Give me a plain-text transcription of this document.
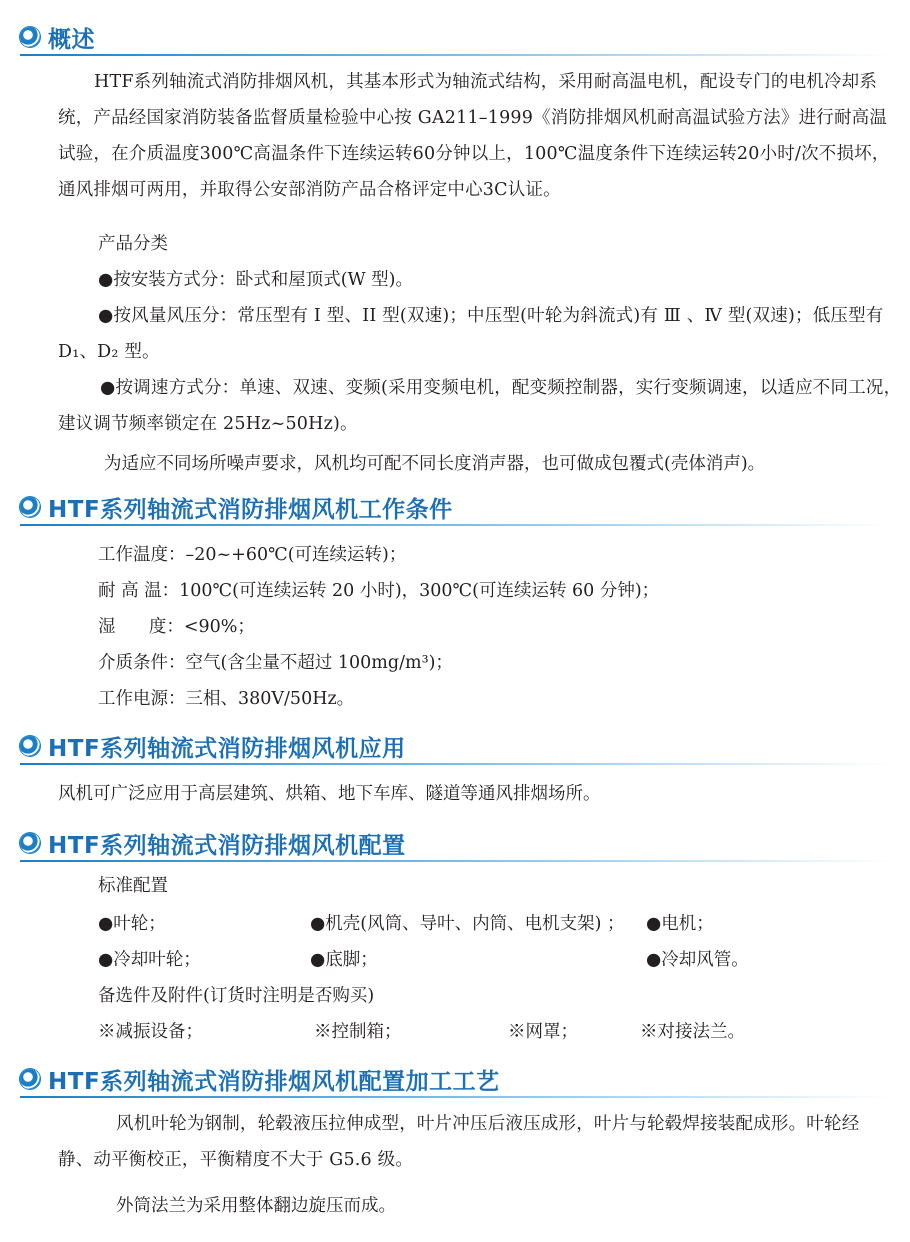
概述
HTF系列轴流式消防排烟风机，其基本形式为轴流式结构，采用耐高温电机，配设专门的电机冷却系统，产品经国家消防装备监督质量检验中心按 GA211–1999《消防排烟风机耐高温试验方法》进行耐高温试验，在介质温度300℃高温条件下连续运转60分钟以上，100℃温度条件下连续运转20小时/次不损坏，通风排烟可两用，并取得公安部消防产品合格评定中心3C认证。
产品分类
●按安装方式分：卧式和屋顶式(W 型)。
●按风量风压分：常压型有 I 型、II 型(双速)；中压型(叶轮为斜流式)有 Ⅲ 、Ⅳ 型(双速)；低压型有 D₁、D₂ 型。
●按调速方式分：单速、双速、变频(采用变频电机，配变频控制器，实行变频调速，以适应不同工况，建议调节频率锁定在 25Hz~50Hz)。
为适应不同场所噪声要求，风机均可配不同长度消声器，也可做成包覆式(壳体消声)。
HTF系列轴流式消防排烟风机工作条件
工作温度：–20~+60℃(可连续运转)；
耐 高 温：100℃(可连续运转 20 小时)，300℃(可连续运转 60 分钟)；
湿      度：<90%；
介质条件：空气(含尘量不超过 100mg/m³)；
工作电源：三相、380V/50Hz。
HTF系列轴流式消防排烟风机应用
风机可广泛应用于高层建筑、烘箱、地下车库、隧道等通风排烟场所。
HTF系列轴流式消防排烟风机配置
标准配置
●叶轮；	●机壳(风筒、导叶、内筒、电机支架) ； ●电机；
●冷却叶轮；	●底脚；	●冷却风管。
备选件及附件(订货时注明是否购买)
※减振设备；	※控制箱；	※网罩；	※对接法兰。
HTF系列轴流式消防排烟风机配置加工工艺
风机叶轮为钢制，轮毂液压拉伸成型，叶片冲压后液压成形，叶片与轮毂焊接装配成形。叶轮经静、动平衡校正，平衡精度不大于 G5.6 级。
外筒法兰为采用整体翻边旋压而成。
